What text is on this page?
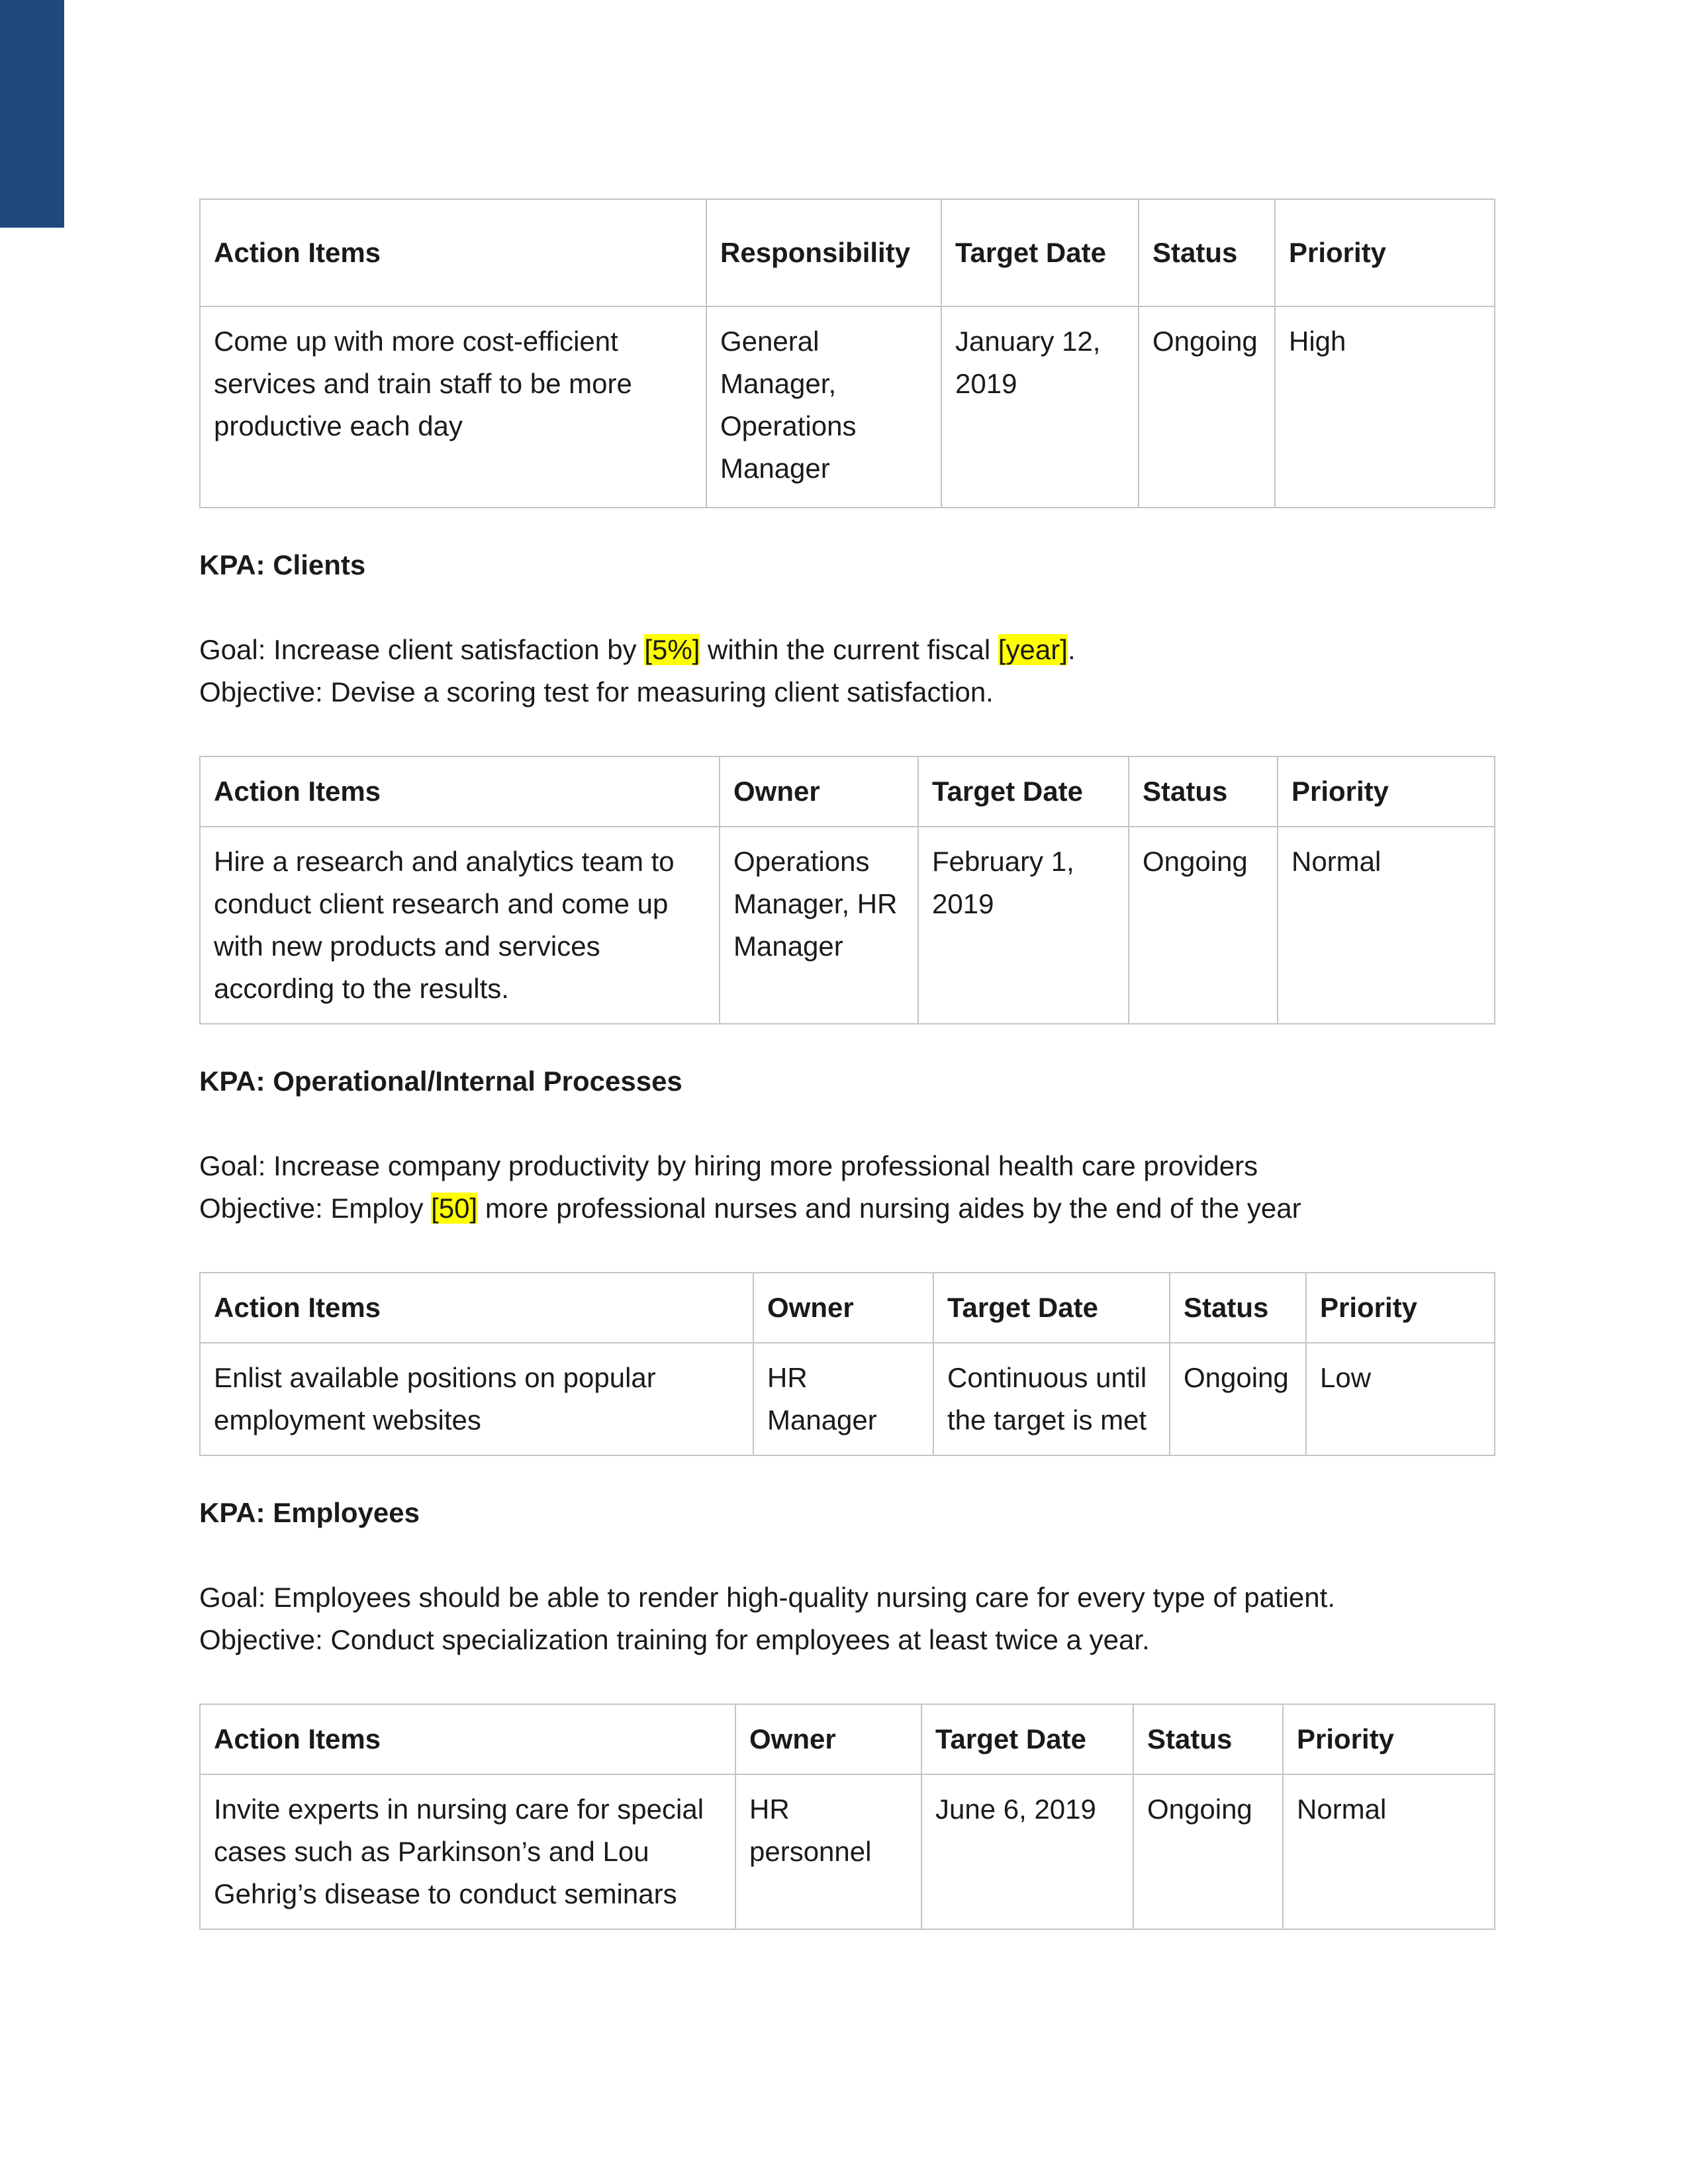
Action Items	Responsibility	Target Date	Status	Priority
Come up with more cost-efficient services and train staff to be more productive each day	General Manager, Operations Manager	January 12, 2019	Ongoing	High

KPA: Clients

Goal: Increase client satisfaction by [5%] within the current fiscal [year].

Objective: Devise a scoring test for measuring client satisfaction.

Action Items	Owner	Target Date	Status	Priority
Hire a research and analytics team to conduct client research and come up with new products and services according to the results.	Operations Manager, HR Manager	February 1, 2019	Ongoing	Normal

KPA: Operational/Internal Processes

Goal: Increase company productivity by hiring more professional health care providers

Objective: Employ [50] more professional nurses and nursing aides by the end of the year

Action Items	Owner	Target Date	Status	Priority
Enlist available positions on popular employment websites	HR Manager	Continuous until the target is met	Ongoing	Low

KPA: Employees

Goal: Employees should be able to render high-quality nursing care for every type of patient.

Objective: Conduct specialization training for employees at least twice a year.

Action Items	Owner	Target Date	Status	Priority
Invite experts in nursing care for special cases such as Parkinson’s and Lou Gehrig’s disease to conduct seminars	HR personnel	June 6, 2019	Ongoing	Normal
